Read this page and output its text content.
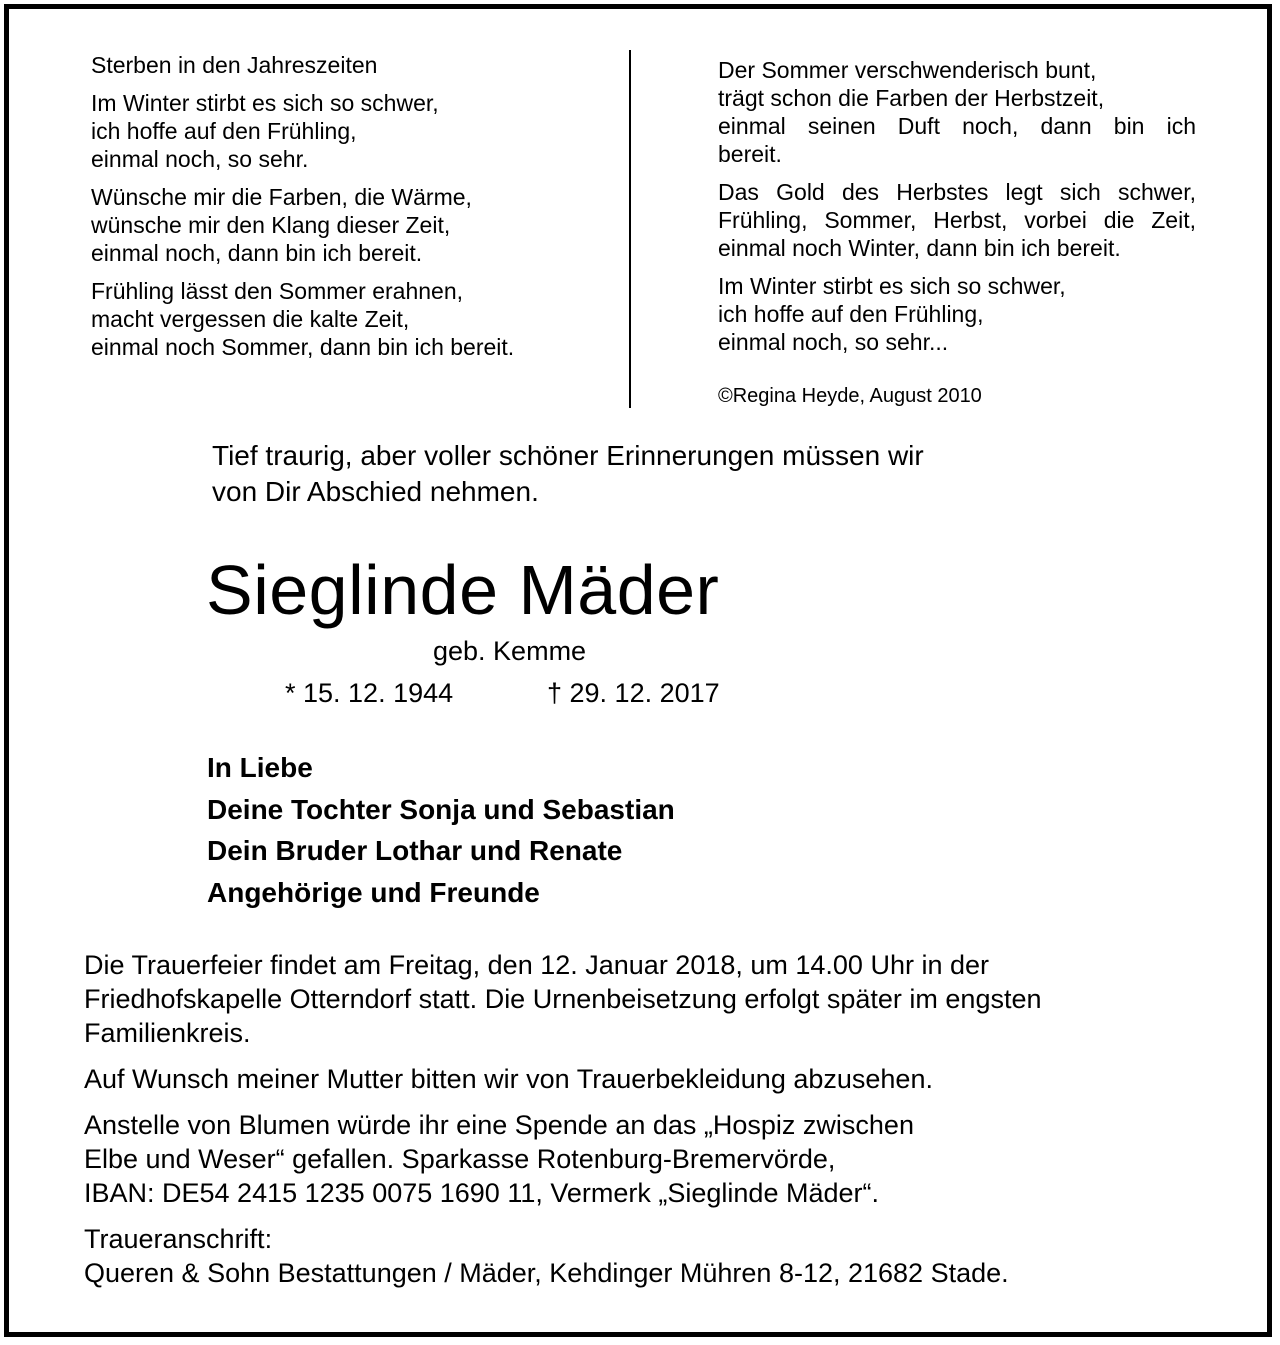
Sterben in den Jahreszeiten

Im Winter stirbt es sich so schwer,
ich hoffe auf den Frühling,
einmal noch, so sehr.

Wünsche mir die Farben, die Wärme,
wünsche mir den Klang dieser Zeit,
einmal noch, dann bin ich bereit.

Frühling lässt den Sommer erahnen,
macht vergessen die kalte Zeit,
einmal noch Sommer, dann bin ich bereit.

Der Sommer verschwenderisch bunt,
trägt schon die Farben der Herbstzeit,
einmal seinen Duft noch, dann bin ich
bereit.

Das Gold des Herbstes legt sich schwer,
Frühling, Sommer, Herbst, vorbei die Zeit,
einmal noch Winter, dann bin ich bereit.

Im Winter stirbt es sich so schwer,
ich hoffe auf den Frühling,
einmal noch, so sehr...

©Regina Heyde, August 2010
Tief traurig, aber voller schöner Erinnerungen müssen wir
von Dir Abschied nehmen.
Sieglinde Mäder
geb. Kemme
* 15. 12. 1944	† 29. 12. 2017
In Liebe
Deine Tochter Sonja und Sebastian
Dein Bruder Lothar und Renate
Angehörige und Freunde

Die Trauerfeier findet am Freitag, den 12. Januar 2018, um 14.00 Uhr in der
Friedhofskapelle Otterndorf statt. Die Urnenbeisetzung erfolgt später im engsten
Familienkreis.

Auf Wunsch meiner Mutter bitten wir von Trauerbekleidung abzusehen.

Anstelle von Blumen würde ihr eine Spende an das „Hospiz zwischen
Elbe und Weser“ gefallen. Sparkasse Rotenburg-Bremervörde,
IBAN: DE54 2415 1235 0075 1690 11, Vermerk „Sieglinde Mäder“.

Traueranschrift:
Queren & Sohn Bestattungen / Mäder, Kehdinger Mühren 8-12, 21682 Stade.
